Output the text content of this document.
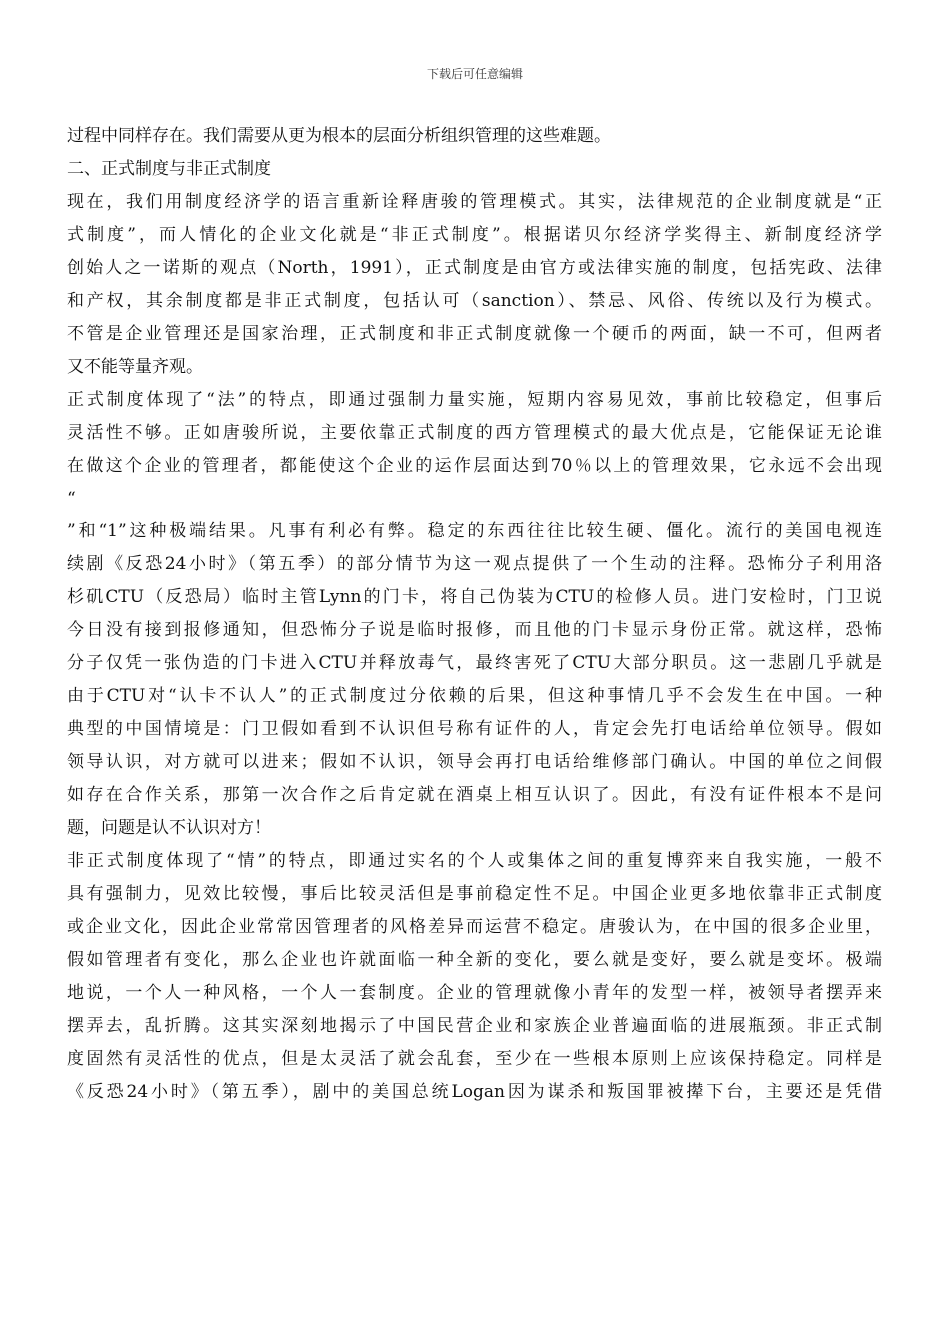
下载后可任意编辑
过程中同样存在。我们需要从更为根本的层面分析组织管理的这些难题。
二、正式制度与非正式制度
现在，我们用制度经济学的语言重新诠释唐骏的管理模式。其实，法律规范的企业制度就是“正
式制度”，而人情化的企业文化就是“非正式制度”。根据诺贝尔经济学奖得主、新制度经济学
创始人之一诺斯的观点（North，1991），正式制度是由官方或法律实施的制度，包括宪政、法律
和产权，其余制度都是非正式制度，包括认可（sanction）、禁忌、风俗、传统以及行为模式。
不管是企业管理还是国家治理，正式制度和非正式制度就像一个硬币的两面，缺一不可，但两者
又不能等量齐观。
正式制度体现了“法”的特点，即通过强制力量实施，短期内容易见效，事前比较稳定，但事后
灵活性不够。正如唐骏所说，主要依靠正式制度的西方管理模式的最大优点是，它能保证无论谁
在做这个企业的管理者，都能使这个企业的运作层面达到70％以上的管理效果，它永远不会出现
“
”和“1”这种极端结果。凡事有利必有弊。稳定的东西往往比较生硬、僵化。流行的美国电视连
续剧《反恐24小时》（第五季）的部分情节为这一观点提供了一个生动的注释。恐怖分子利用洛
杉矶CTU（反恐局）临时主管Lynn的门卡，将自己伪装为CTU的检修人员。进门安检时，门卫说
今日没有接到报修通知，但恐怖分子说是临时报修，而且他的门卡显示身份正常。就这样，恐怖
分子仅凭一张伪造的门卡进入CTU并释放毒气，最终害死了CTU大部分职员。这一悲剧几乎就是
由于CTU对“认卡不认人”的正式制度过分依赖的后果，但这种事情几乎不会发生在中国。一种
典型的中国情境是：门卫假如看到不认识但号称有证件的人，肯定会先打电话给单位领导。假如
领导认识，对方就可以进来；假如不认识，领导会再打电话给维修部门确认。中国的单位之间假
如存在合作关系，那第一次合作之后肯定就在酒桌上相互认识了。因此，有没有证件根本不是问
题，问题是认不认识对方！
非正式制度体现了“情”的特点，即通过实名的个人或集体之间的重复博弈来自我实施，一般不
具有强制力，见效比较慢，事后比较灵活但是事前稳定性不足。中国企业更多地依靠非正式制度
或企业文化，因此企业常常因管理者的风格差异而运营不稳定。唐骏认为，在中国的很多企业里，
假如管理者有变化，那么企业也许就面临一种全新的变化，要么就是变好，要么就是变坏。极端
地说，一个人一种风格，一个人一套制度。企业的管理就像小青年的发型一样，被领导者摆弄来
摆弄去，乱折腾。这其实深刻地揭示了中国民营企业和家族企业普遍面临的进展瓶颈。非正式制
度固然有灵活性的优点，但是太灵活了就会乱套，至少在一些根本原则上应该保持稳定。同样是
《反恐24小时》（第五季），剧中的美国总统Logan因为谋杀和叛国罪被撵下台，主要还是凭借
